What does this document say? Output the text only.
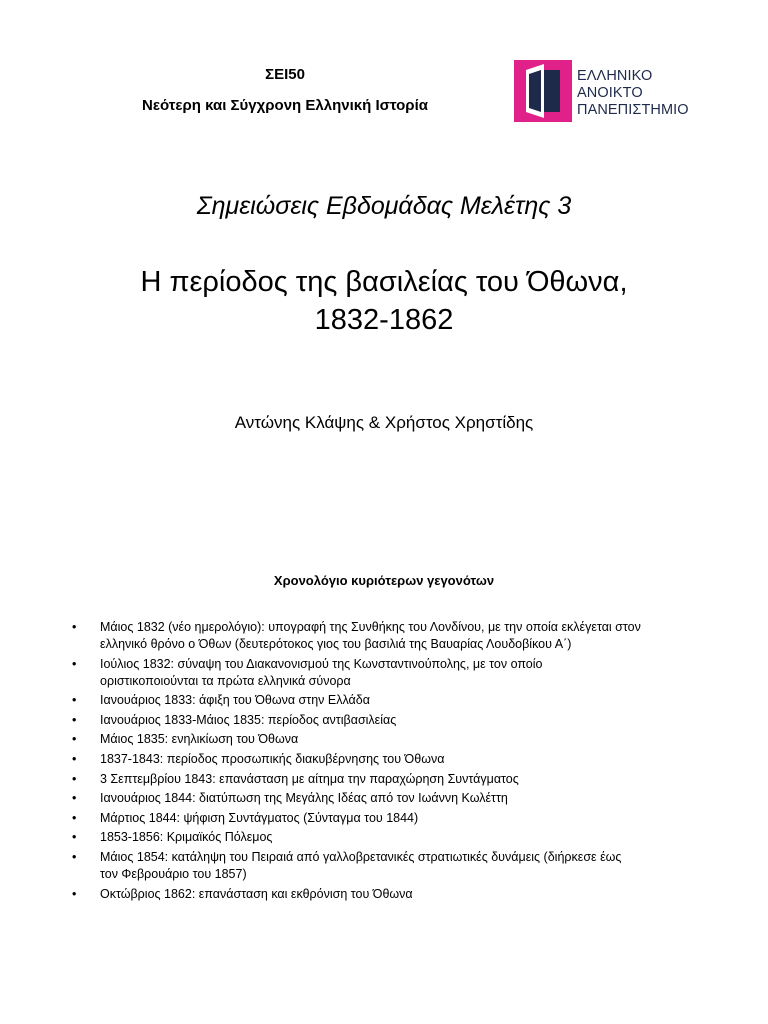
ΣΕΙ50
Νεότερη και Σύγχρονη Ελληνική Ιστορία
ΕΛΛΗΝΙΚΟ
ΑΝΟΙΚΤΟ
ΠΑΝΕΠΙΣΤΗΜΙΟ
Σημειώσεις Εβδομάδας Μελέτης 3
Η περίοδος της βασιλείας του Όθωνα,
1832-1862
Αντώνης Κλάψης & Χρήστος Χρηστίδης
Χρονολόγιο κυριότερων γεγονότων
• Μάιος 1832 (νέο ημερολόγιο): υπογραφή της Συνθήκης του Λονδίνου, με την οποία εκλέγεται στον
ελληνικό θρόνο ο Όθων (δευτερότοκος γιος του βασιλιά της Βαυαρίας Λουδοβίκου Α΄)
• Ιούλιος 1832: σύναψη του Διακανονισμού της Κωνσταντινούπολης, με τον οποίο
οριστικοποιούνται τα πρώτα ελληνικά σύνορα
• Ιανουάριος 1833: άφιξη του Όθωνα στην Ελλάδα
• Ιανουάριος 1833-Μάιος 1835: περίοδος αντιβασιλείας
• Μάιος 1835: ενηλικίωση του Όθωνα
• 1837-1843: περίοδος προσωπικής διακυβέρνησης του Όθωνα
• 3 Σεπτεμβρίου 1843: επανάσταση με αίτημα την παραχώρηση Συντάγματος
• Ιανουάριος 1844: διατύπωση της Μεγάλης Ιδέας από τον Ιωάννη Κωλέττη
• Μάρτιος 1844: ψήφιση Συντάγματος (Σύνταγμα του 1844)
• 1853-1856: Κριμαϊκός Πόλεμος
• Μάιος 1854: κατάληψη του Πειραιά από γαλλοβρετανικές στρατιωτικές δυνάμεις (διήρκεσε έως
τον Φεβρουάριο του 1857)
• Οκτώβριος 1862: επανάσταση και εκθρόνιση του Όθωνα
